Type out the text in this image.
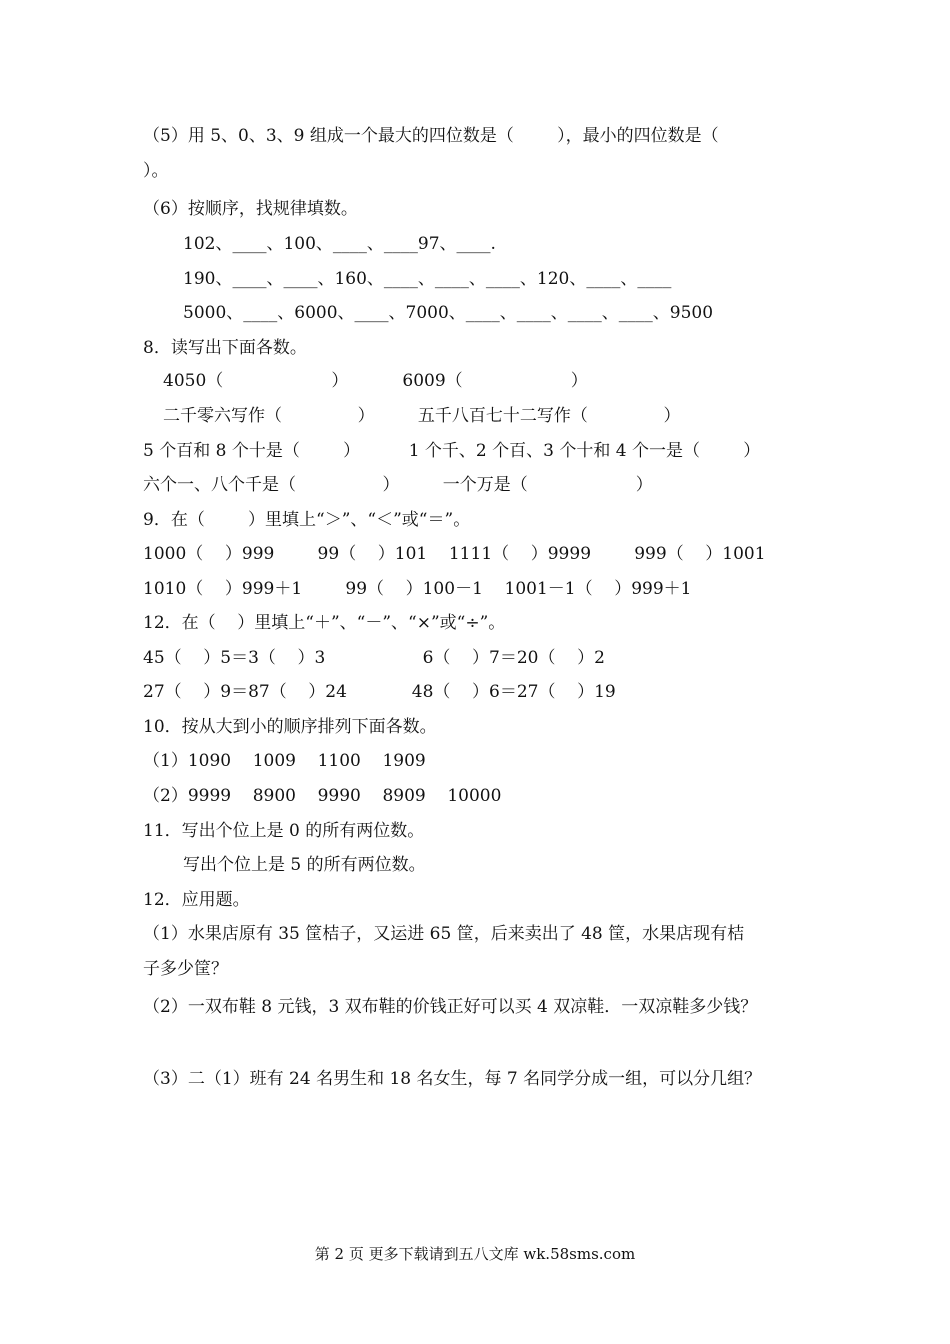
（5）用 5、0、3、9 组成一个最大的四位数是（        ），最小的四位数是（
）。
（6）按顺序，找规律填数。
102、____、100、____、____97、____.
190、____、____、160、____、____、____、120、____、____
5000、____、6000、____、7000、____、____、____、____、9500
8．读写出下面各数。
4050（                    ）          6009（                    ）
二千零六写作（              ）        五千八百七十二写作（              ）
5 个百和 8 个十是（        ）         1 个千、2 个百、3 个十和 4 个一是（        ）
六个一、八个千是（                ）        一个万是（                    ）
9．在（        ）里填上“＞”、“＜”或“＝”。
1000（    ）999        99（    ）101    1111（    ）9999        999（    ）1001
1010（    ）999＋1        99（    ）100－1    1001－1（    ）999＋1
12．在（    ）里填上“＋”、“－”、“×”或“÷”。
45（    ）5＝3（    ）3                  6（    ）7＝20（    ）2
27（    ）9＝87（    ）24            48（    ）6＝27（    ）19
10．按从大到小的顺序排列下面各数。
（1）1090    1009    1100    1909
（2）9999    8900    9990    8909    10000
11．写出个位上是 0 的所有两位数。
写出个位上是 5 的所有两位数。
12．应用题。
（1）水果店原有 35 筐桔子，又运进 65 筐，后来卖出了 48 筐，水果店现有桔
子多少筐？
（2）一双布鞋 8 元钱，3 双布鞋的价钱正好可以买 4 双凉鞋．一双凉鞋多少钱？
（3）二（1）班有 24 名男生和 18 名女生，每 7 名同学分成一组，可以分几组？
第 2 页 更多下载请到五八文库 wk.58sms.com
